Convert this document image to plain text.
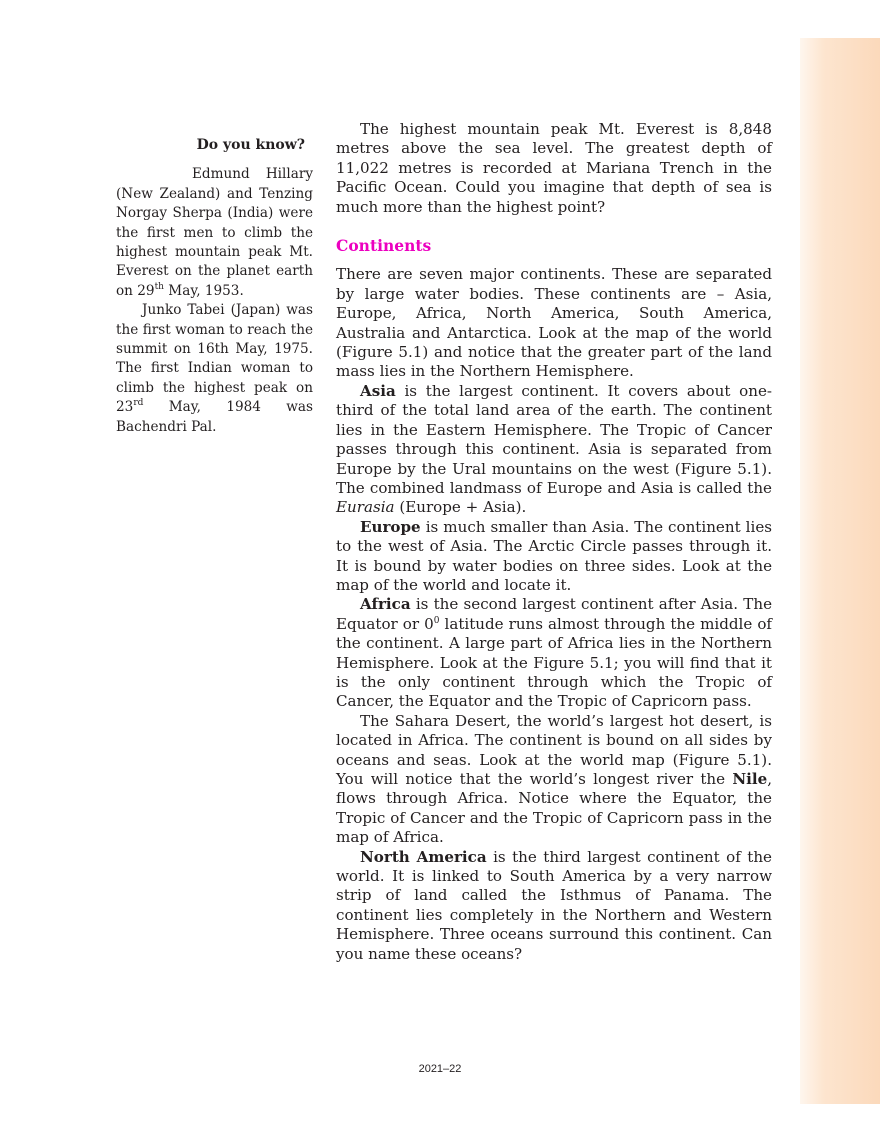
Do you know?

Edmund Hillary (New Zealand) and Tenzing Norgay Sherpa (India) were the first men to climb the highest mountain peak Mt. Everest on the planet earth on 29th May, 1953.

Junko Tabei (Japan) was the first woman to reach the summit on 16th May, 1975. The first Indian woman to climb the highest peak on 23rd May, 1984 was Bachendri Pal.

The highest mountain peak Mt. Everest is 8,848 metres above the sea level. The greatest depth of 11,022 metres is recorded at Mariana Trench in the Pacific Ocean. Could you imagine that depth of sea is much more than the highest point?

Continents

There are seven major continents. These are separated by large water bodies. These continents are – Asia, Europe, Africa, North America, South America, Australia and Antarctica. Look at the map of the world (Figure 5.1) and notice that the greater part of the land mass lies in the Northern Hemisphere.

Asia is the largest continent. It covers about one-third of the total land area of the earth. The continent lies in the Eastern Hemisphere. The Tropic of Cancer passes through this continent. Asia is separated from Europe by the Ural mountains on the west (Figure 5.1). The combined landmass of Europe and Asia is called the Eurasia (Europe + Asia).

Europe is much smaller than Asia. The continent lies to the west of Asia. The Arctic Circle passes through it. It is bound by water bodies on three sides. Look at the map of the world and locate it.

Africa is the second largest continent after Asia. The Equator or $0^0$ latitude runs almost through the middle of the continent. A large part of Africa lies in the Northern Hemisphere. Look at the Figure 5.1; you will find that it is the only continent through which the Tropic of Cancer, the Equator and the Tropic of Capricorn pass.

The Sahara Desert, the world’s largest hot desert, is located in Africa. The continent is bound on all sides by oceans and seas. Look at the world map (Figure 5.1). You will notice that the world’s longest river the Nile, flows through Africa. Notice where the Equator, the Tropic of Cancer and the Tropic of Capricorn pass in the map of Africa.

North America is the third largest continent of the world. It is linked to South America by a very narrow strip of land called the Isthmus of Panama. The continent lies completely in the Northern and Western Hemisphere. Three oceans surround this continent. Can you name these oceans?

2021–22
